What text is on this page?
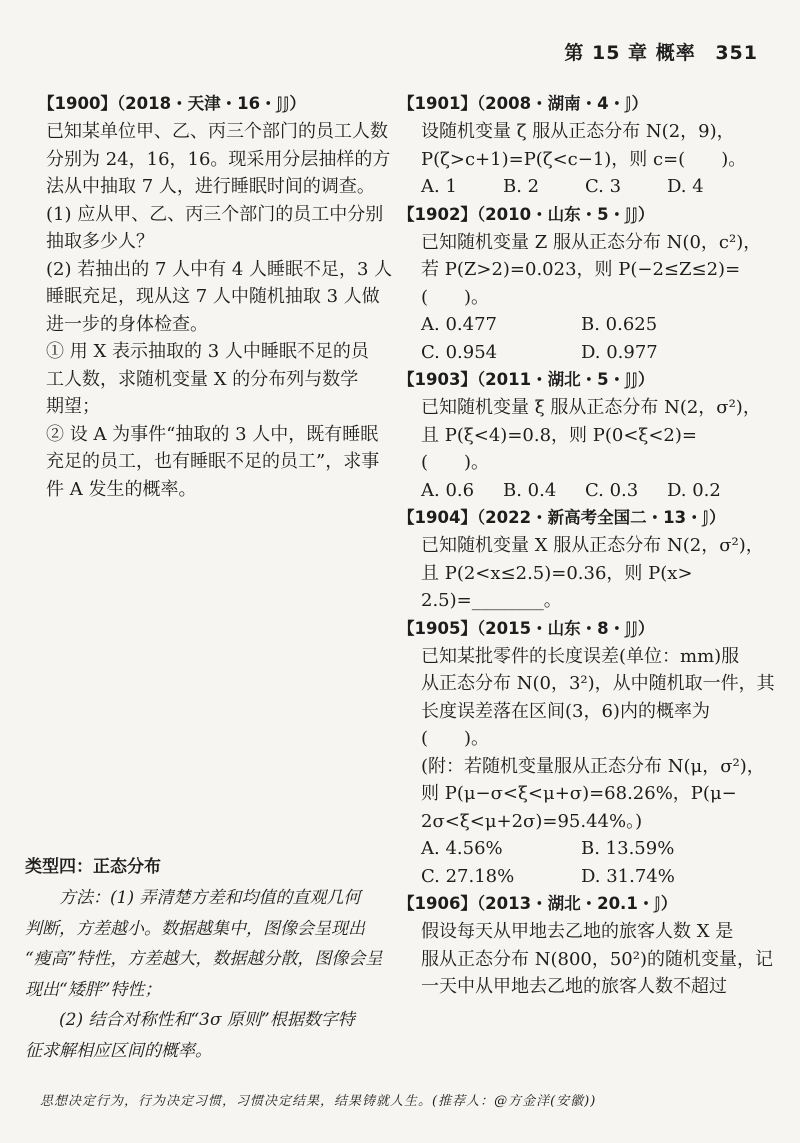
第 15 章 概率 351
【1900】（2018・天津・16・𝕁𝕁）
已知某单位甲、乙、丙三个部门的员工人数
分别为 24，16，16。现采用分层抽样的方
法从中抽取 7 人，进行睡眠时间的调查。
(1) 应从甲、乙、丙三个部门的员工中分别
抽取多少人？
(2) 若抽出的 7 人中有 4 人睡眠不足，3 人
睡眠充足，现从这 7 人中随机抽取 3 人做
进一步的身体检查。
① 用 X 表示抽取的 3 人中睡眠不足的员
工人数，求随机变量 X 的分布列与数学
期望；
② 设 A 为事件“抽取的 3 人中，既有睡眠
充足的员工，也有睡眠不足的员工”，求事
件 A 发生的概率。
类型四：正态分布
方法：(1) 弄清楚方差和均值的直观几何
判断，方差越小。数据越集中，图像会呈现出
“瘦高”特性，方差越大，数据越分散，图像会呈
现出“矮胖”特性；
(2) 结合对称性和“3σ 原则”根据数字特
征求解相应区间的概率。
【1901】（2008・湖南・4・𝕁）
设随机变量 ζ 服从正态分布 N(2，9)，
P(ζ>c+1)=P(ζ<c−1)，则 c=(　　)。
A. 1	B. 2	C. 3	D. 4
【1902】（2010・山东・5・𝕁𝕁）
已知随机变量 Z 服从正态分布 N(0，c²)，
若 P(Z>2)=0.023，则 P(−2≤Z≤2)=
(　　)。
A. 0.477	B. 0.625
C. 0.954	D. 0.977
【1903】（2011・湖北・5・𝕁𝕁）
已知随机变量 ξ 服从正态分布 N(2，σ²)，
且 P(ξ<4)=0.8，则 P(0<ξ<2)=
(　　)。
A. 0.6	B. 0.4	C. 0.3	D. 0.2
【1904】（2022・新高考全国二・13・𝕁）
已知随机变量 X 服从正态分布 N(2，σ²)，
且 P(2<x≤2.5)=0.36，则 P(x>
2.5)=________。
【1905】（2015・山东・8・𝕁𝕁）
已知某批零件的长度误差(单位：mm)服
从正态分布 N(0，3²)，从中随机取一件，其
长度误差落在区间(3，6)内的概率为
(　　)。
(附：若随机变量服从正态分布 N(μ，σ²)，
则 P(μ−σ<ξ<μ+σ)=68.26%，P(μ−
2σ<ξ<μ+2σ)=95.44%。)
A. 4.56%	B. 13.59%
C. 27.18%	D. 31.74%
【1906】（2013・湖北・20.1・𝕁）
假设每天从甲地去乙地的旅客人数 X 是
服从正态分布 N(800，50²)的随机变量，记
一天中从甲地去乙地的旅客人数不超过
思想决定行为，行为决定习惯，习惯决定结果，结果铸就人生。(推荐人：@方金洋(安徽))
